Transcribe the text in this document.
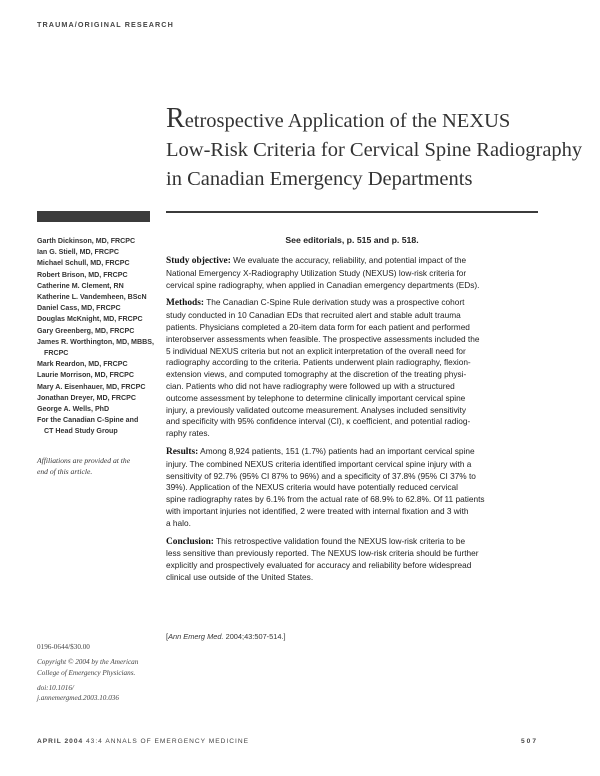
TRAUMA/ORIGINAL RESEARCH
Retrospective Application of the NEXUS
Low-Risk Criteria for Cervical Spine Radiography
in Canadian Emergency Departments
See editorials, p. 515 and p. 518.
Garth Dickinson, MD, FRCPC
Ian G. Stiell, MD, FRCPC
Michael Schull, MD, FRCPC
Robert Brison, MD, FRCPC
Catherine M. Clement, RN
Katherine L. Vandemheen, BScN
Daniel Cass, MD, FRCPC
Douglas McKnight, MD, FRCPC
Gary Greenberg, MD, FRCPC
James R. Worthington, MD, MBBS,
FRCPC
Mark Reardon, MD, FRCPC
Laurie Morrison, MD, FRCPC
Mary A. Eisenhauer, MD, FRCPC
Jonathan Dreyer, MD, FRCPC
George A. Wells, PhD
For the Canadian C-Spine and
CT Head Study Group
Affiliations are provided at the
end of this article.
0196-0644/$30.00
Copyright © 2004 by the American
College of Emergency Physicians.
doi:10.1016/
j.annemergmed.2003.10.036
Study objective: We evaluate the accuracy, reliability, and potential impact of the
National Emergency X-Radiography Utilization Study (NEXUS) low-risk criteria for
cervical spine radiography, when applied in Canadian emergency departments (EDs).
Methods: The Canadian C-Spine Rule derivation study was a prospective cohort
study conducted in 10 Canadian EDs that recruited alert and stable adult trauma
patients. Physicians completed a 20-item data form for each patient and performed
interobserver assessments when feasible. The prospective assessments included the
5 individual NEXUS criteria but not an explicit interpretation of the overall need for
radiography according to the criteria. Patients underwent plain radiography, flexion-
extension views, and computed tomography at the discretion of the treating physi-
cian. Patients who did not have radiography were followed up with a structured
outcome assessment by telephone to determine clinically important cervical spine
injury, a previously validated outcome measurement. Analyses included sensitivity
and specificity with 95% confidence interval (CI), κ coefficient, and potential radiog-
raphy rates.
Results: Among 8,924 patients, 151 (1.7%) patients had an important cervical spine
injury. The combined NEXUS criteria identified important cervical spine injury with a
sensitivity of 92.7% (95% CI 87% to 96%) and a specificity of 37.8% (95% CI 37% to
39%). Application of the NEXUS criteria would have potentially reduced cervical
spine radiography rates by 6.1% from the actual rate of 68.9% to 62.8%. Of 11 patients
with important injuries not identified, 2 were treated with internal fixation and 3 with
a halo.
Conclusion: This retrospective validation found the NEXUS low-risk criteria to be
less sensitive than previously reported. The NEXUS low-risk criteria should be further
explicitly and prospectively evaluated for accuracy and reliability before widespread
clinical use outside of the United States.
[Ann Emerg Med. 2004;43:507-514.]
APRIL 2004 43:4 ANNALS OF EMERGENCY MEDICINE	507
